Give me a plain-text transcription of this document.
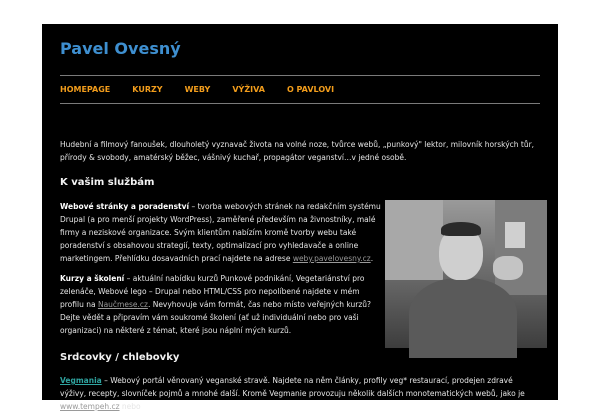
Pavel Ovesný
HOMEPAGE	KURZY	WEBY	VÝŽIVA	O PAVLOVI

Hudební a filmový fanoušek, dlouholetý vyznavač života na volné noze, tvůrce webů, „punkový" lektor, milovník horských tůr, přírody & svobody, amatérský běžec, vášnivý kuchař, propagátor veganství…v jedné osobě.

K vašim službám

Webové stránky a poradenství – tvorba webových stránek na redakčním systému Drupal (a pro menší projekty WordPress), zaměřené především na živnostníky, malé firmy a neziskové organizace. Svým klientům nabízím kromě tvorby webu také poradenství s obsahovou strategií, texty, optimalizací pro vyhledavače a online marketingem. Přehlídku dosavadních prací najdete na adrese weby.pavelovesny.cz.

Kurzy a školení – aktuální nabídku kurzů Punkové podnikání, Vegetariánství pro zelenáče, Webové lego – Drupal nebo HTML/CSS pro nepolíbené najdete v mém profilu na Naučmese.cz. Nevyhovuje vám formát, čas nebo místo veřejných kurzů? Dejte vědět a připravím vám soukromé školení (ať už individuální nebo pro vaši organizaci) na některé z témat, které jsou náplní mých kurzů.

Srdcovky / chlebovky

Vegmania – Webový portál věnovaný veganské stravě. Najdete na něm články, profily veg* restaurací, prodejen zdravé výživy, recepty, slovníček pojmů a mnohé další. Kromě Vegmanie provozuju několik dalších monotematických webů, jako je www.tempeh.cz nebo
